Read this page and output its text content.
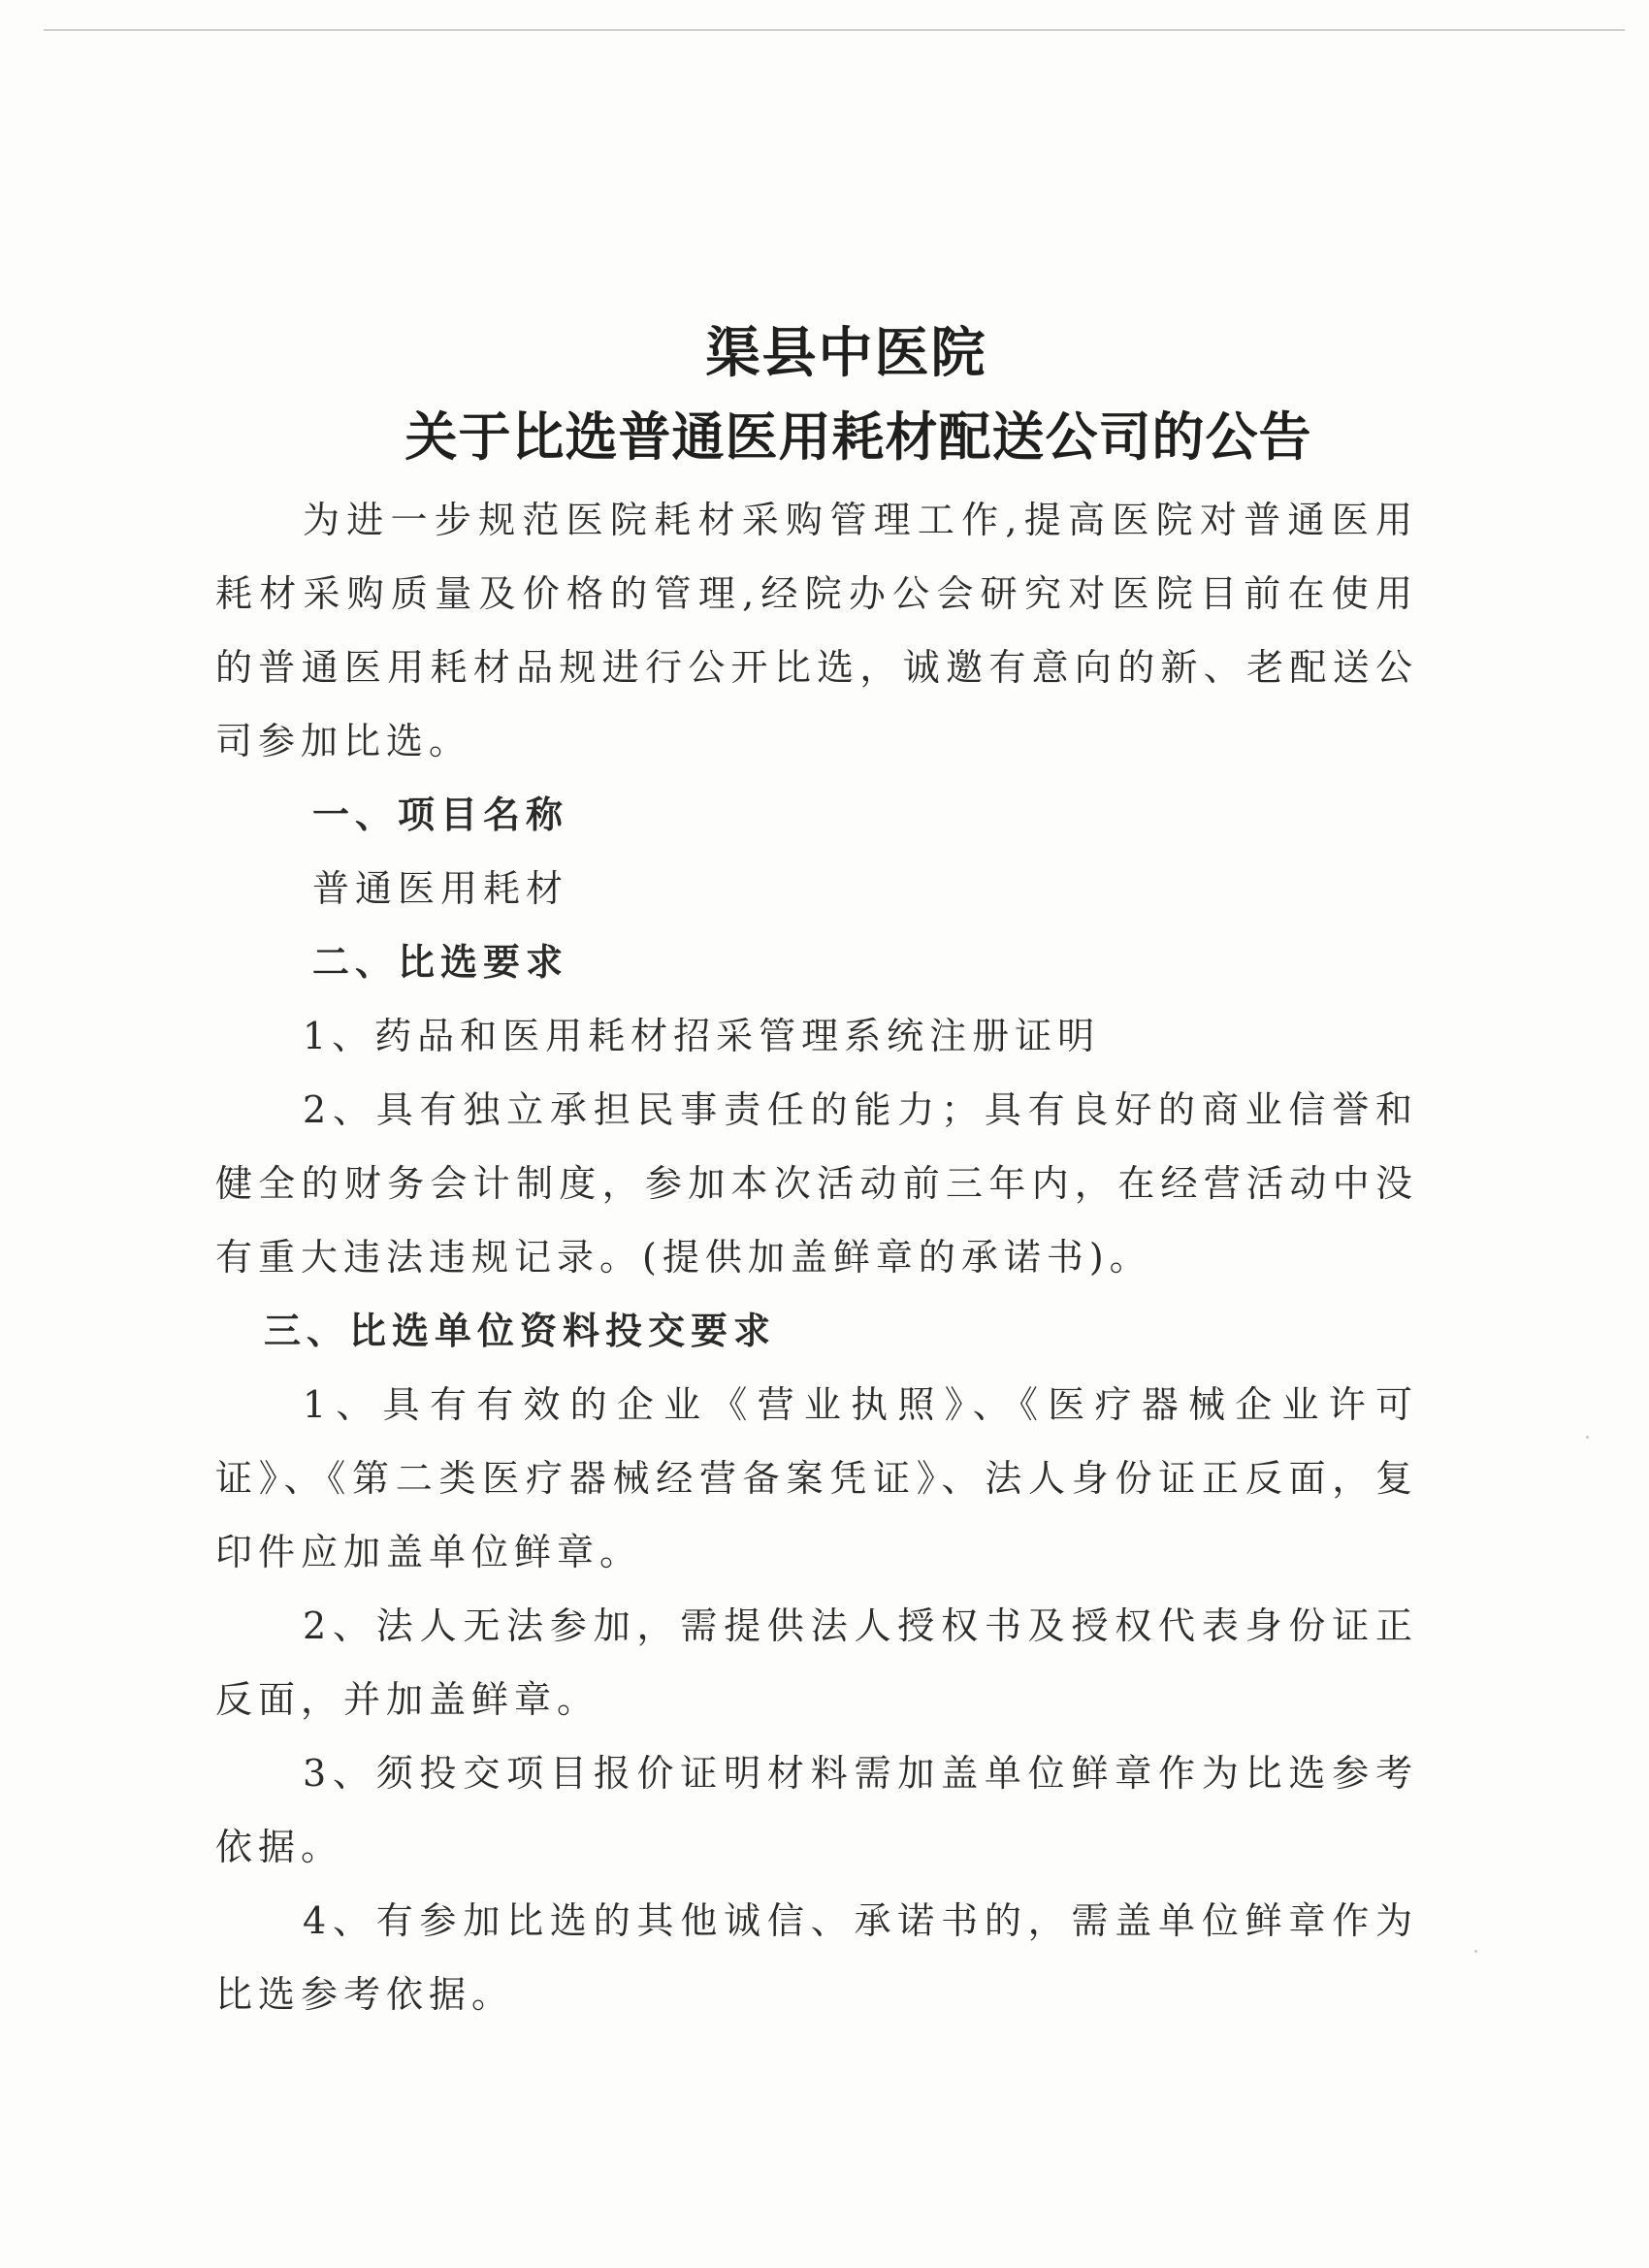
渠县中医院
关于比选普通医用耗材配送公司的公告

为进一步规范医院耗材采购管理工作,提高医院对普通医用耗材采购质量及价格的管理,经院办公会研究对医院目前在使用的普通医用耗材品规进行公开比选，诚邀有意向的新、老配送公司参加比选。

一、项目名称

普通医用耗材

二、比选要求

1、药品和医用耗材招采管理系统注册证明

2、具有独立承担民事责任的能力；具有良好的商业信誉和健全的财务会计制度，参加本次活动前三年内，在经营活动中没有重大违法违规记录。(提供加盖鲜章的承诺书)。

三、比选单位资料投交要求

1、具有有效的企业《营业执照》、《医疗器械企业许可证》、《第二类医疗器械经营备案凭证》、法人身份证正反面，复印件应加盖单位鲜章。

2、法人无法参加，需提供法人授权书及授权代表身份证正反面，并加盖鲜章。

3、须投交项目报价证明材料需加盖单位鲜章作为比选参考依据。

4、有参加比选的其他诚信、承诺书的，需盖单位鲜章作为比选参考依据。
